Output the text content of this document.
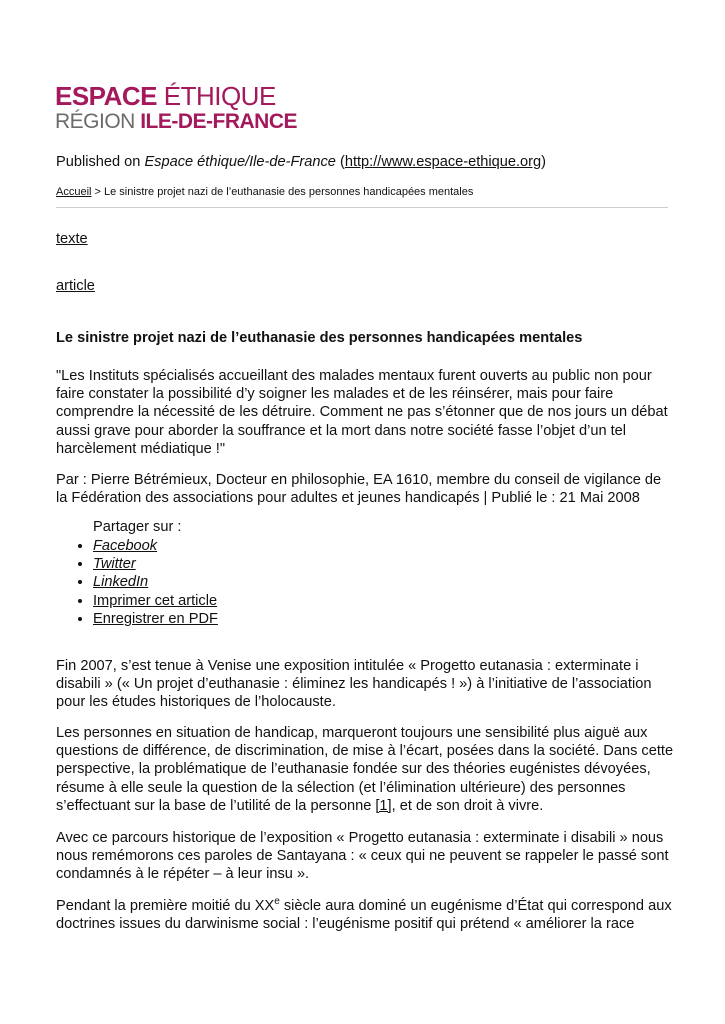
ESPACE ÉTHIQUE
RÉGION ILE-DE-FRANCE
Published on Espace éthique/Ile-de-France (http://www.espace-ethique.org)
Accueil > Le sinistre projet nazi de l’euthanasie des personnes handicapées mentales
texte
article
Le sinistre projet nazi de l’euthanasie des personnes handicapées mentales

"Les Instituts spécialisés accueillant des malades mentaux furent ouverts au public non pour faire constater la possibilité d’y soigner les malades et de les réinsérer, mais pour faire comprendre la nécessité de les détruire. Comment ne pas s’étonner que de nos jours un débat aussi grave pour aborder la souffrance et la mort dans notre société fasse l’objet d’un tel harcèlement médiatique !"

Par : Pierre Bétrémieux, Docteur en philosophie, EA 1610, membre du conseil de vigilance de la Fédération des associations pour adultes et jeunes handicapés | Publié le : 21 Mai 2008

Partager sur :
• Facebook
• Twitter
• LinkedIn
• Imprimer cet article
• Enregistrer en PDF

Fin 2007, s’est tenue à Venise une exposition intitulée « Progetto eutanasia : exterminate i disabili » (« Un projet d’euthanasie : éliminez les handicapés ! ») à l’initiative de l’association pour les études historiques de l’holocauste.

Les personnes en situation de handicap, marqueront toujours une sensibilité plus aiguë aux questions de différence, de discrimination, de mise à l’écart, posées dans la société. Dans cette perspective, la problématique de l’euthanasie fondée sur des théories eugénistes dévoyées, résume à elle seule la question de la sélection (et l’élimination ultérieure) des personnes s’effectuant sur la base de l’utilité de la personne [1], et de son droit à vivre.

Avec ce parcours historique de l’exposition « Progetto eutanasia : exterminate i disabili » nous nous remémorons ces paroles de Santayana : « ceux qui ne peuvent se rappeler le passé sont condamnés à le répéter – à leur insu ».

Pendant la première moitié du XXe siècle aura dominé un eugénisme d’État qui correspond aux doctrines issues du darwinisme social : l’eugénisme positif qui prétend « améliorer la race
